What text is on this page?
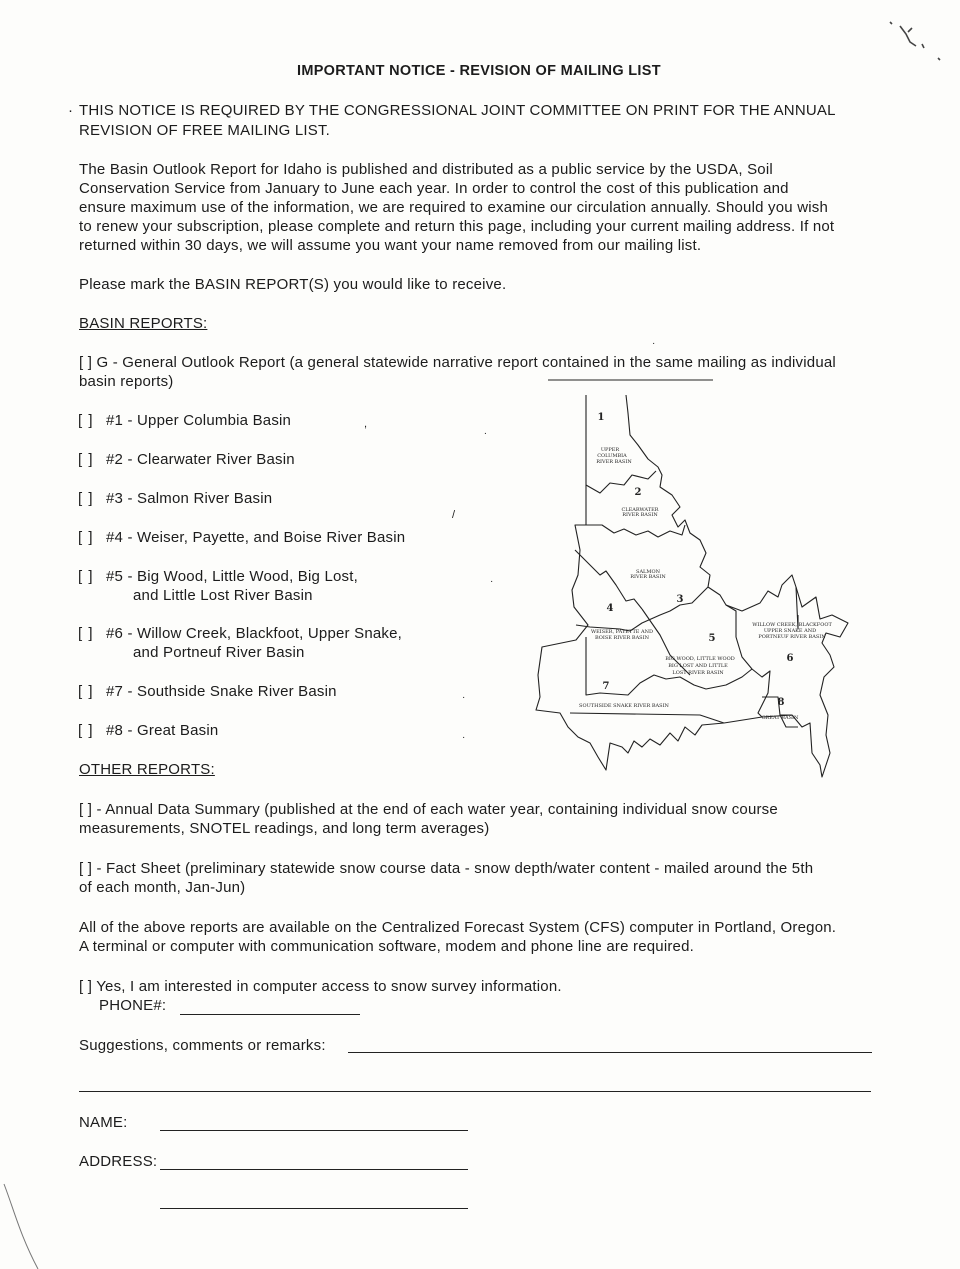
IMPORTANT NOTICE - REVISION OF MAILING LIST
· THIS NOTICE IS REQUIRED BY THE CONGRESSIONAL JOINT COMMITTEE ON PRINT FOR THE ANNUAL
REVISION OF FREE MAILING LIST.
The Basin Outlook Report for Idaho is published and distributed as a public service by the USDA, Soil
Conservation Service from January to June each year. In order to control the cost of this publication and
ensure maximum use of the information, we are required to examine our circulation annually. Should you wish
to renew your subscription, please complete and return this page, including your current mailing address. If not
returned within 30 days, we will assume you want your name removed from our mailing list.
Please mark the BASIN REPORT(S) you would like to receive.
BASIN REPORTS:
[ ] G - General Outlook Report (a general statewide narrative report contained in the same mailing as individual
basin reports)
[ ] #1 - Upper Columbia Basin
[ ] #2 - Clearwater River Basin
[ ] #3 - Salmon River Basin
[ ] #4 - Weiser, Payette, and Boise River Basin
[ ] #5 - Big Wood, Little Wood, Big Lost,
and Little Lost River Basin
[ ] #6 - Willow Creek, Blackfoot, Upper Snake,
and Portneuf River Basin
[ ] #7 - Southside Snake River Basin
[ ] #8 - Great Basin
,
.
/
·
·
·
·
1
2
3
4
5
6
7
8
UPPER
COLUMBIA
RIVER BASIN
CLEARWATER
RIVER BASIN
SALMON
RIVER BASIN
WEISER, PAYETTE AND
BOISE RIVER BASIN
BIG WOOD, LITTLE WOOD
BIG LOST AND LITTLE
LOST RIVER BASIN
WILLOW CREEK, BLACKFOOT
UPPER SNAKE AND
PORTNEUF RIVER BASIN
SOUTHSIDE SNAKE RIVER BASIN
GREAT BASIN
OTHER REPORTS:
[ ] - Annual Data Summary (published at the end of each water year, containing individual snow course
measurements, SNOTEL readings, and long term averages)
[ ] - Fact Sheet (preliminary statewide snow course data - snow depth/water content - mailed around the 5th
of each month, Jan-Jun)
All of the above reports are available on the Centralized Forecast System (CFS) computer in Portland, Oregon.
A terminal or computer with communication software, modem and phone line are required.
[ ] Yes, I am interested in computer access to snow survey information.
PHONE#:
Suggestions, comments or remarks:
NAME:
ADDRESS:
